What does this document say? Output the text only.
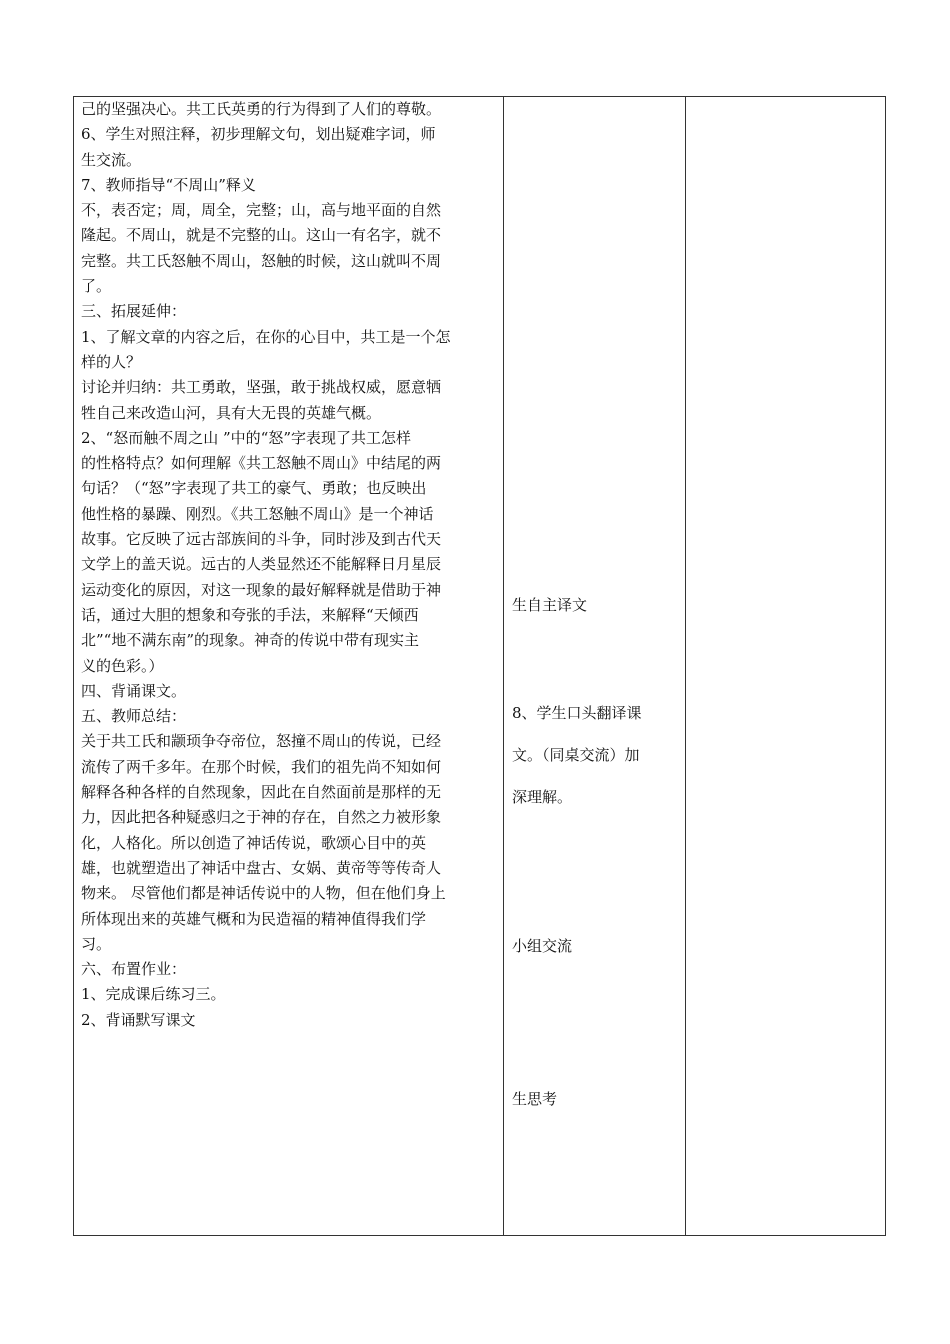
己的坚强决心。共工氏英勇的行为得到了人们的尊敬。
6、学生对照注释，初步理解文句，划出疑难字词，师
生交流。
7、教师指导“不周山”释义
不，表否定；周，周全，完整；山，高与地平面的自然
隆起。不周山，就是不完整的山。这山一有名字，就不
完整。共工氏怒触不周山，怒触的时候，这山就叫不周
了。
三、拓展延伸：
1、了解文章的内容之后，在你的心目中，共工是一个怎
样的人？
讨论并归纳：共工勇敢，坚强，敢于挑战权威，愿意牺
牲自己来改造山河，具有大无畏的英雄气概。
2、“怒而触不周之山 ”中的“怒”字表现了共工怎样
的性格特点？如何理解《共工怒触不周山》中结尾的两
句话？（“怒”字表现了共工的豪气、勇敢；也反映出
他性格的暴躁、刚烈。《共工怒触不周山》是一个神话
故事。它反映了远古部族间的斗争，同时涉及到古代天
文学上的盖天说。远古的人类显然还不能解释日月星辰
运动变化的原因，对这一现象的最好解释就是借助于神
话，通过大胆的想象和夸张的手法，来解释“天倾西
北”“地不满东南”的现象。神奇的传说中带有现实主
义的色彩。）
四、背诵课文。
五、教师总结：
关于共工氏和颛顼争夺帝位，怒撞不周山的传说，已经
流传了两千多年。在那个时候，我们的祖先尚不知如何
解释各种各样的自然现象，因此在自然面前是那样的无
力，因此把各种疑惑归之于神的存在，自然之力被形象
化，人格化。所以创造了神话传说，歌颂心目中的英
雄，也就塑造出了神话中盘古、女娲、黄帝等等传奇人
物来。 尽管他们都是神话传说中的人物，但在他们身上
所体现出来的英雄气概和为民造福的精神值得我们学
习。
六、布置作业：
1、完成课后练习三。
2、背诵默写课文
生自主译文
8、学生口头翻译课
文。（同桌交流）加
深理解。
小组交流
生思考
